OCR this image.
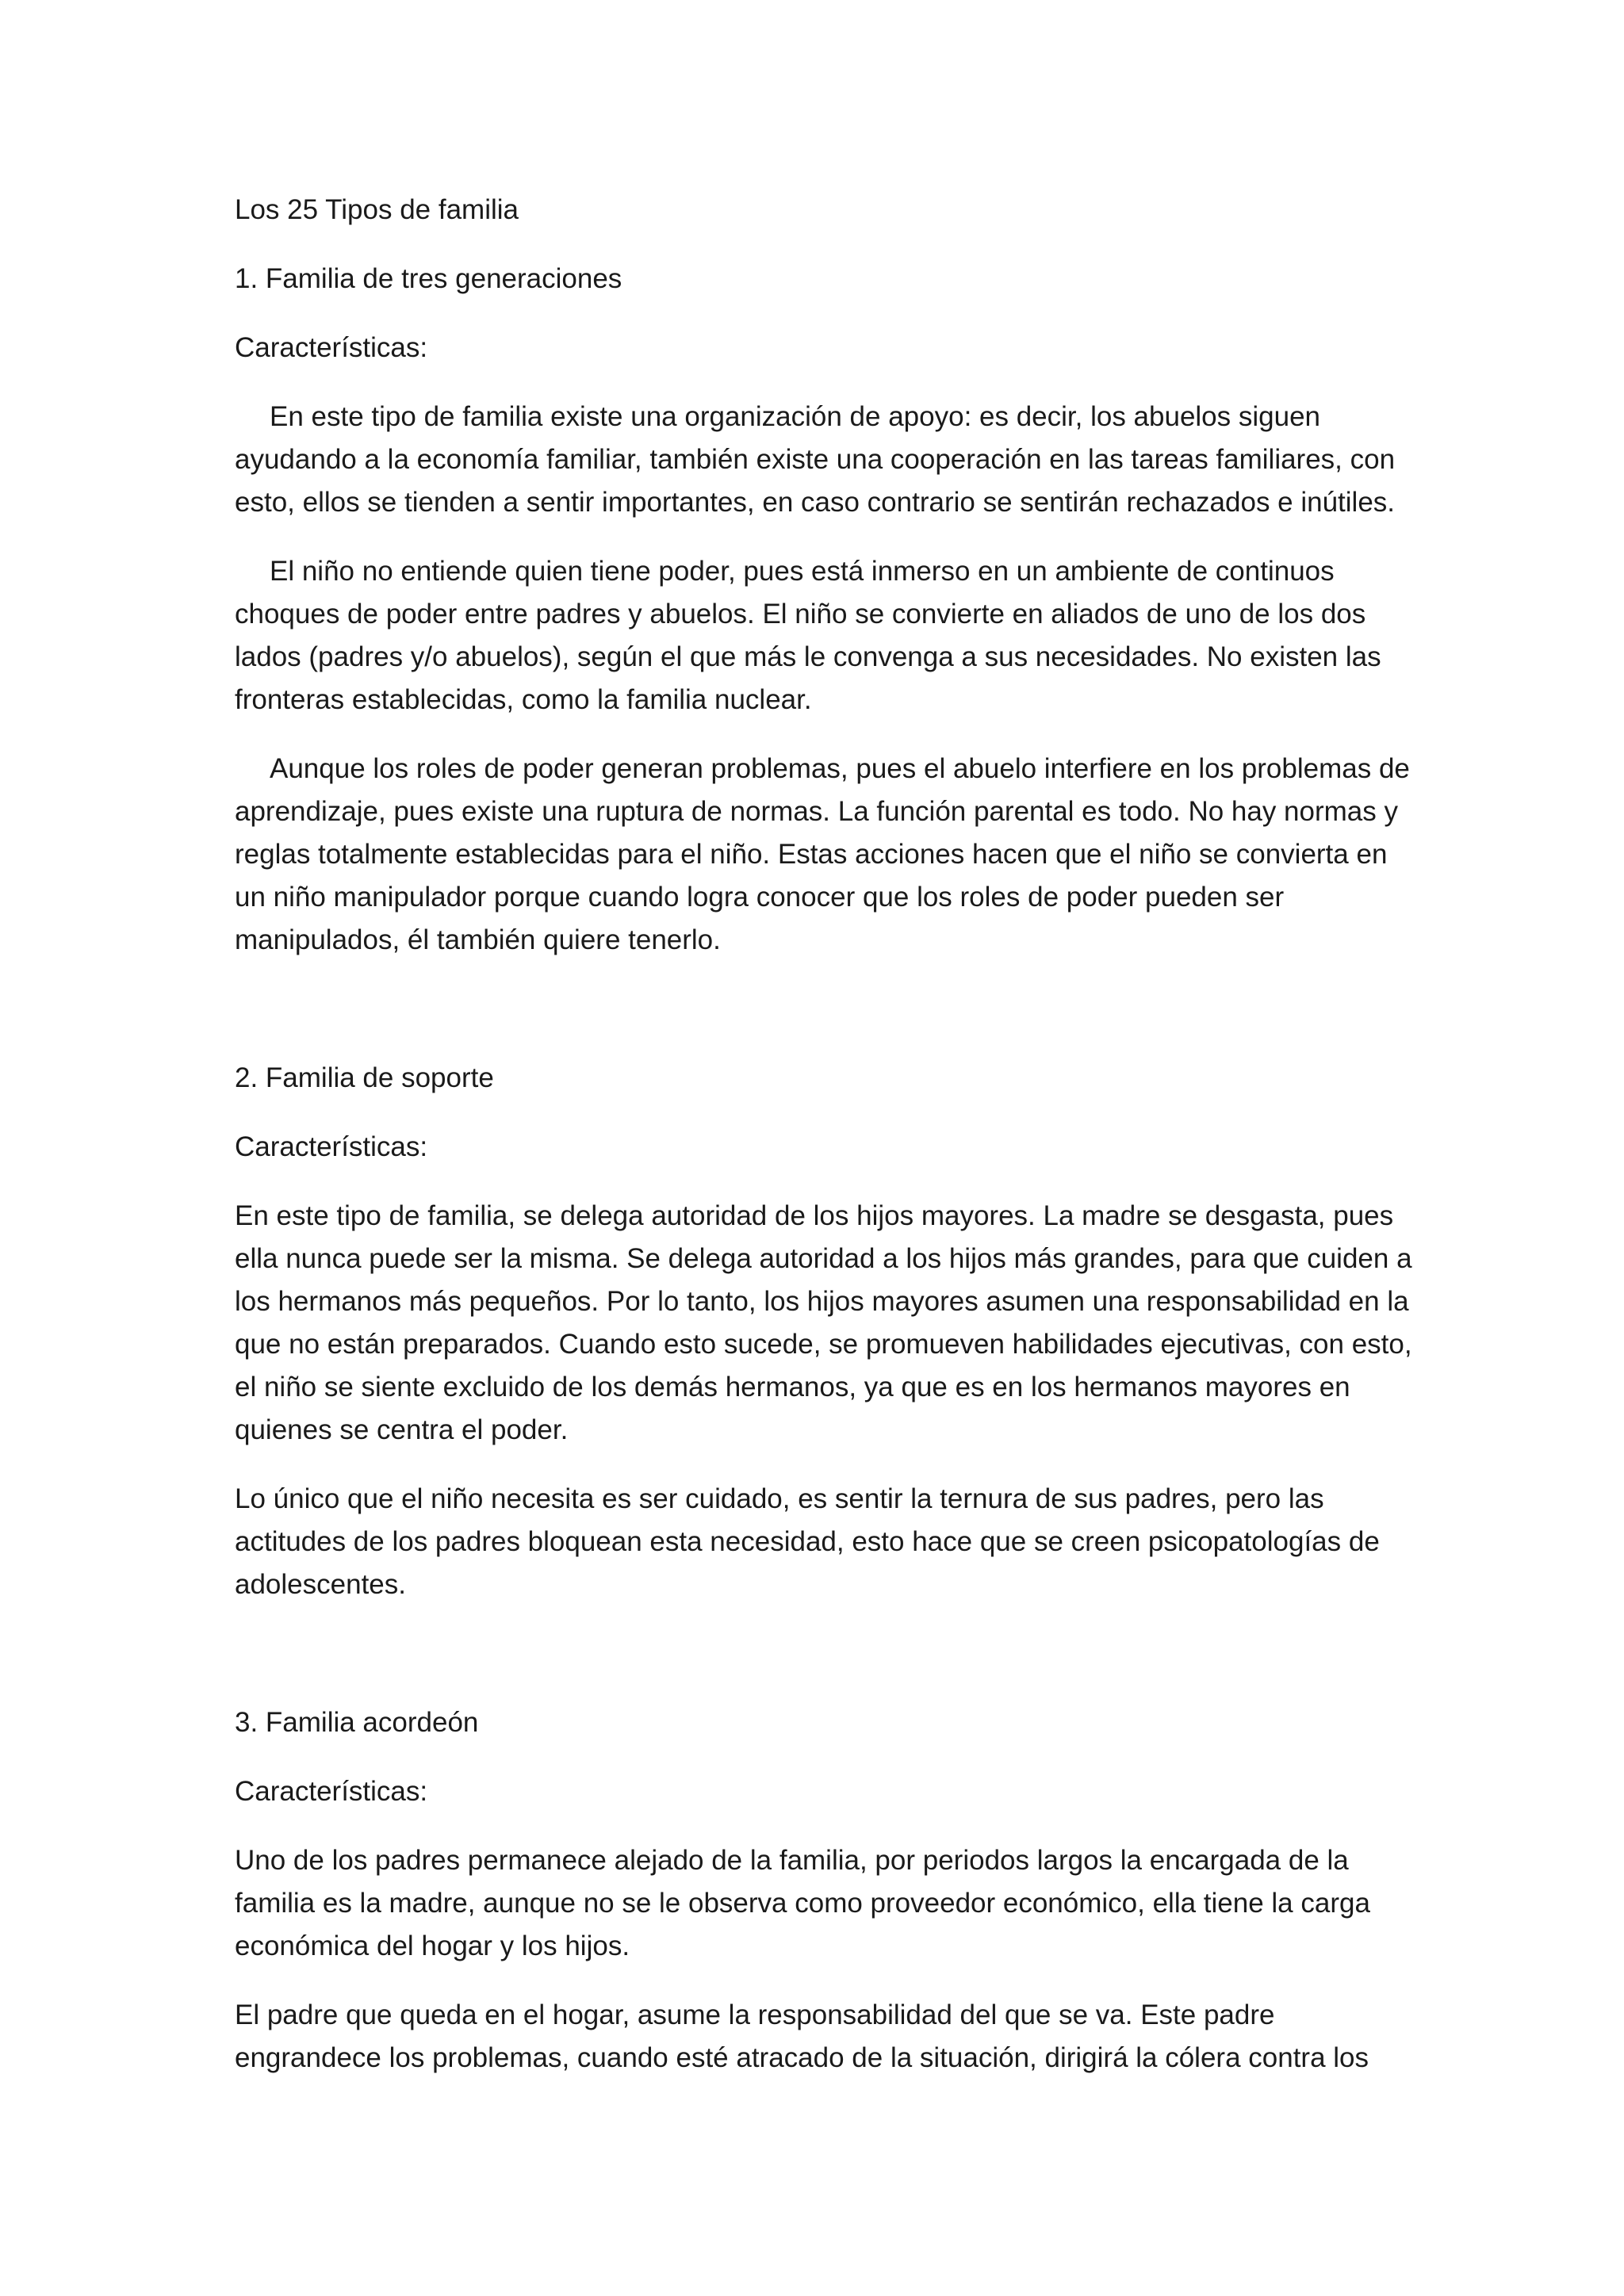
Los 25 Tipos de familia

1. Familia de tres generaciones

Características:

En este tipo de familia existe una organización de apoyo: es decir, los abuelos siguen ayudando a la economía familiar, también existe una cooperación en las tareas familiares, con esto, ellos se tienden a sentir importantes, en caso contrario se sentirán rechazados e inútiles.

El niño no entiende quien tiene poder, pues está inmerso en un ambiente de continuos choques de poder entre padres y abuelos. El niño se convierte en aliados de uno de los dos lados (padres y/o abuelos), según el que más le convenga a sus necesidades. No existen las fronteras establecidas, como la familia nuclear.

Aunque los roles de poder generan problemas, pues el abuelo interfiere en los problemas de aprendizaje, pues existe una ruptura de normas. La función parental es todo. No hay normas y reglas totalmente establecidas para el niño. Estas acciones hacen que el niño se convierta en un niño manipulador porque cuando logra conocer que los roles de poder pueden ser manipulados, él también quiere tenerlo.

2. Familia de soporte

Características:

En este tipo de familia, se delega autoridad de los hijos mayores. La madre se desgasta, pues ella nunca puede ser la misma. Se delega autoridad a los hijos más grandes, para que cuiden a los hermanos más pequeños. Por lo tanto, los hijos mayores asumen una responsabilidad en la que no están preparados. Cuando esto sucede, se promueven habilidades ejecutivas, con esto, el niño se siente excluido de los demás hermanos, ya que es en los hermanos mayores en quienes se centra el poder.

Lo único que el niño necesita es ser cuidado, es sentir la ternura de sus padres, pero las actitudes de los padres bloquean esta necesidad, esto hace que se creen psicopatologías de adolescentes.

3. Familia acordeón

Características:

Uno de los padres permanece alejado de la familia, por periodos largos la encargada de la familia es la madre, aunque no se le observa como proveedor económico, ella tiene la carga económica del hogar y los hijos.

El padre que queda en el hogar, asume la responsabilidad del que se va. Este padre engrandece los problemas, cuando esté atracado de la situación, dirigirá la cólera contra los
